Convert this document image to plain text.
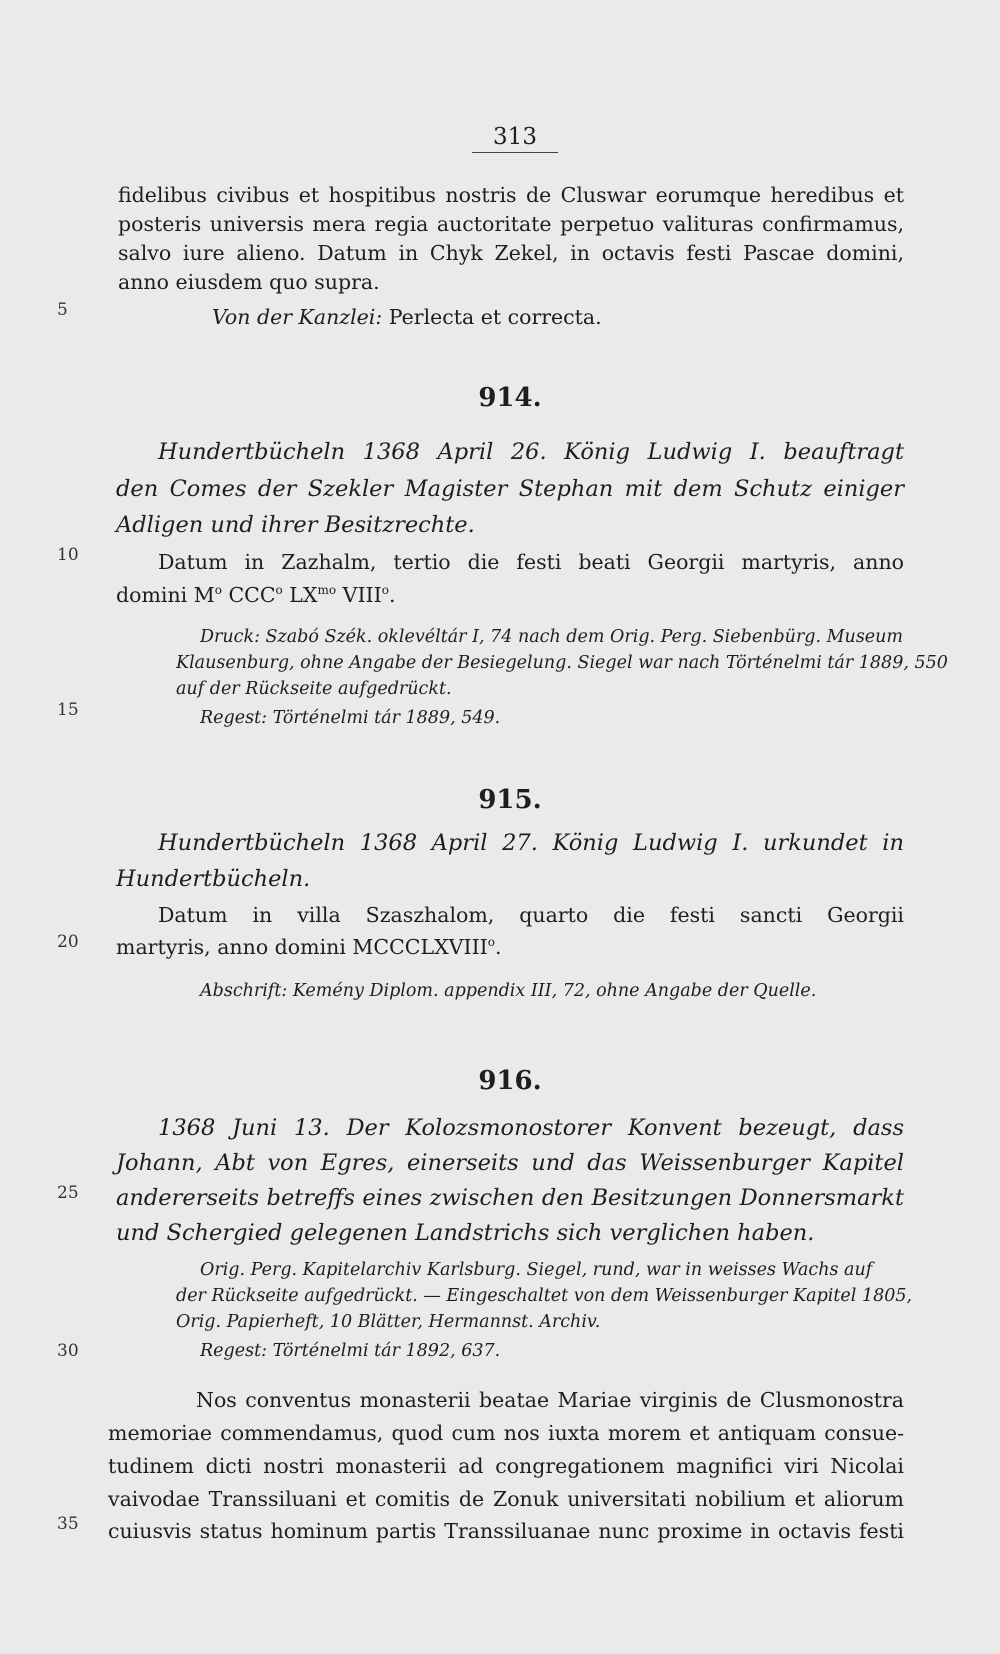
313
5
10
15
20
25
30
35
fidelibus civibus et hospitibus nostris de Cluswar eorumque heredibus et
posteris universis mera regia auctoritate perpetuo valituras confirmamus,
salvo iure alieno. Datum in Chyk Zekel, in octavis festi Pascae domini,
anno eiusdem quo supra.
Von der Kanzlei: Perlecta et correcta.
914.
Hundertbücheln 1368 April 26. König Ludwig I. beauftragt
den Comes der Szekler Magister Stephan mit dem Schutz einiger
Adligen und ihrer Besitzrechte.
Datum in Zazhalm, tertio die festi beati Georgii martyris, anno
domini $M^o$ CCC$^o$ $LX^{mo}$ VIII$^o$.
Druck: Szabó Szék. oklevéltár I, 74 nach dem Orig. Perg. Siebenbürg. Museum
Klausenburg, ohne Angabe der Besiegelung. Siegel war nach Történelmi tár 1889, 550
auf der Rückseite aufgedrückt.
Regest: Történelmi tár 1889, 549.
915.
Hundertbücheln 1368 April 27. König Ludwig I. urkundet in
Hundertbücheln.
Datum in villa Szaszhalom, quarto die festi sancti Georgii
martyris, anno domini MCCCLXVIII$^o$.
Abschrift: Kemény Diplom. appendix III, 72, ohne Angabe der Quelle.
916.
1368 Juni 13. Der Kolozsmonostorer Konvent bezeugt, dass
Johann, Abt von Egres, einerseits und das Weissenburger Kapitel
andererseits betreffs eines zwischen den Besitzungen Donnersmarkt
und Schergied gelegenen Landstrichs sich verglichen haben.
Orig. Perg. Kapitelarchiv Karlsburg. Siegel, rund, war in weisses Wachs auf
der Rückseite aufgedrückt. — Eingeschaltet von dem Weissenburger Kapitel 1805,
Orig. Papierheft, 10 Blätter, Hermannst. Archiv.
Regest: Történelmi tár 1892, 637.
Nos conventus monasterii beatae Mariae virginis de Clusmonostra
memoriae commendamus, quod cum nos iuxta morem et antiquam consue-
tudinem dicti nostri monasterii ad congregationem magnifici viri Nicolai
vaivodae Transsiluani et comitis de Zonuk universitati nobilium et aliorum
cuiusvis status hominum partis Transsiluanae nunc proxime in octavis festi
